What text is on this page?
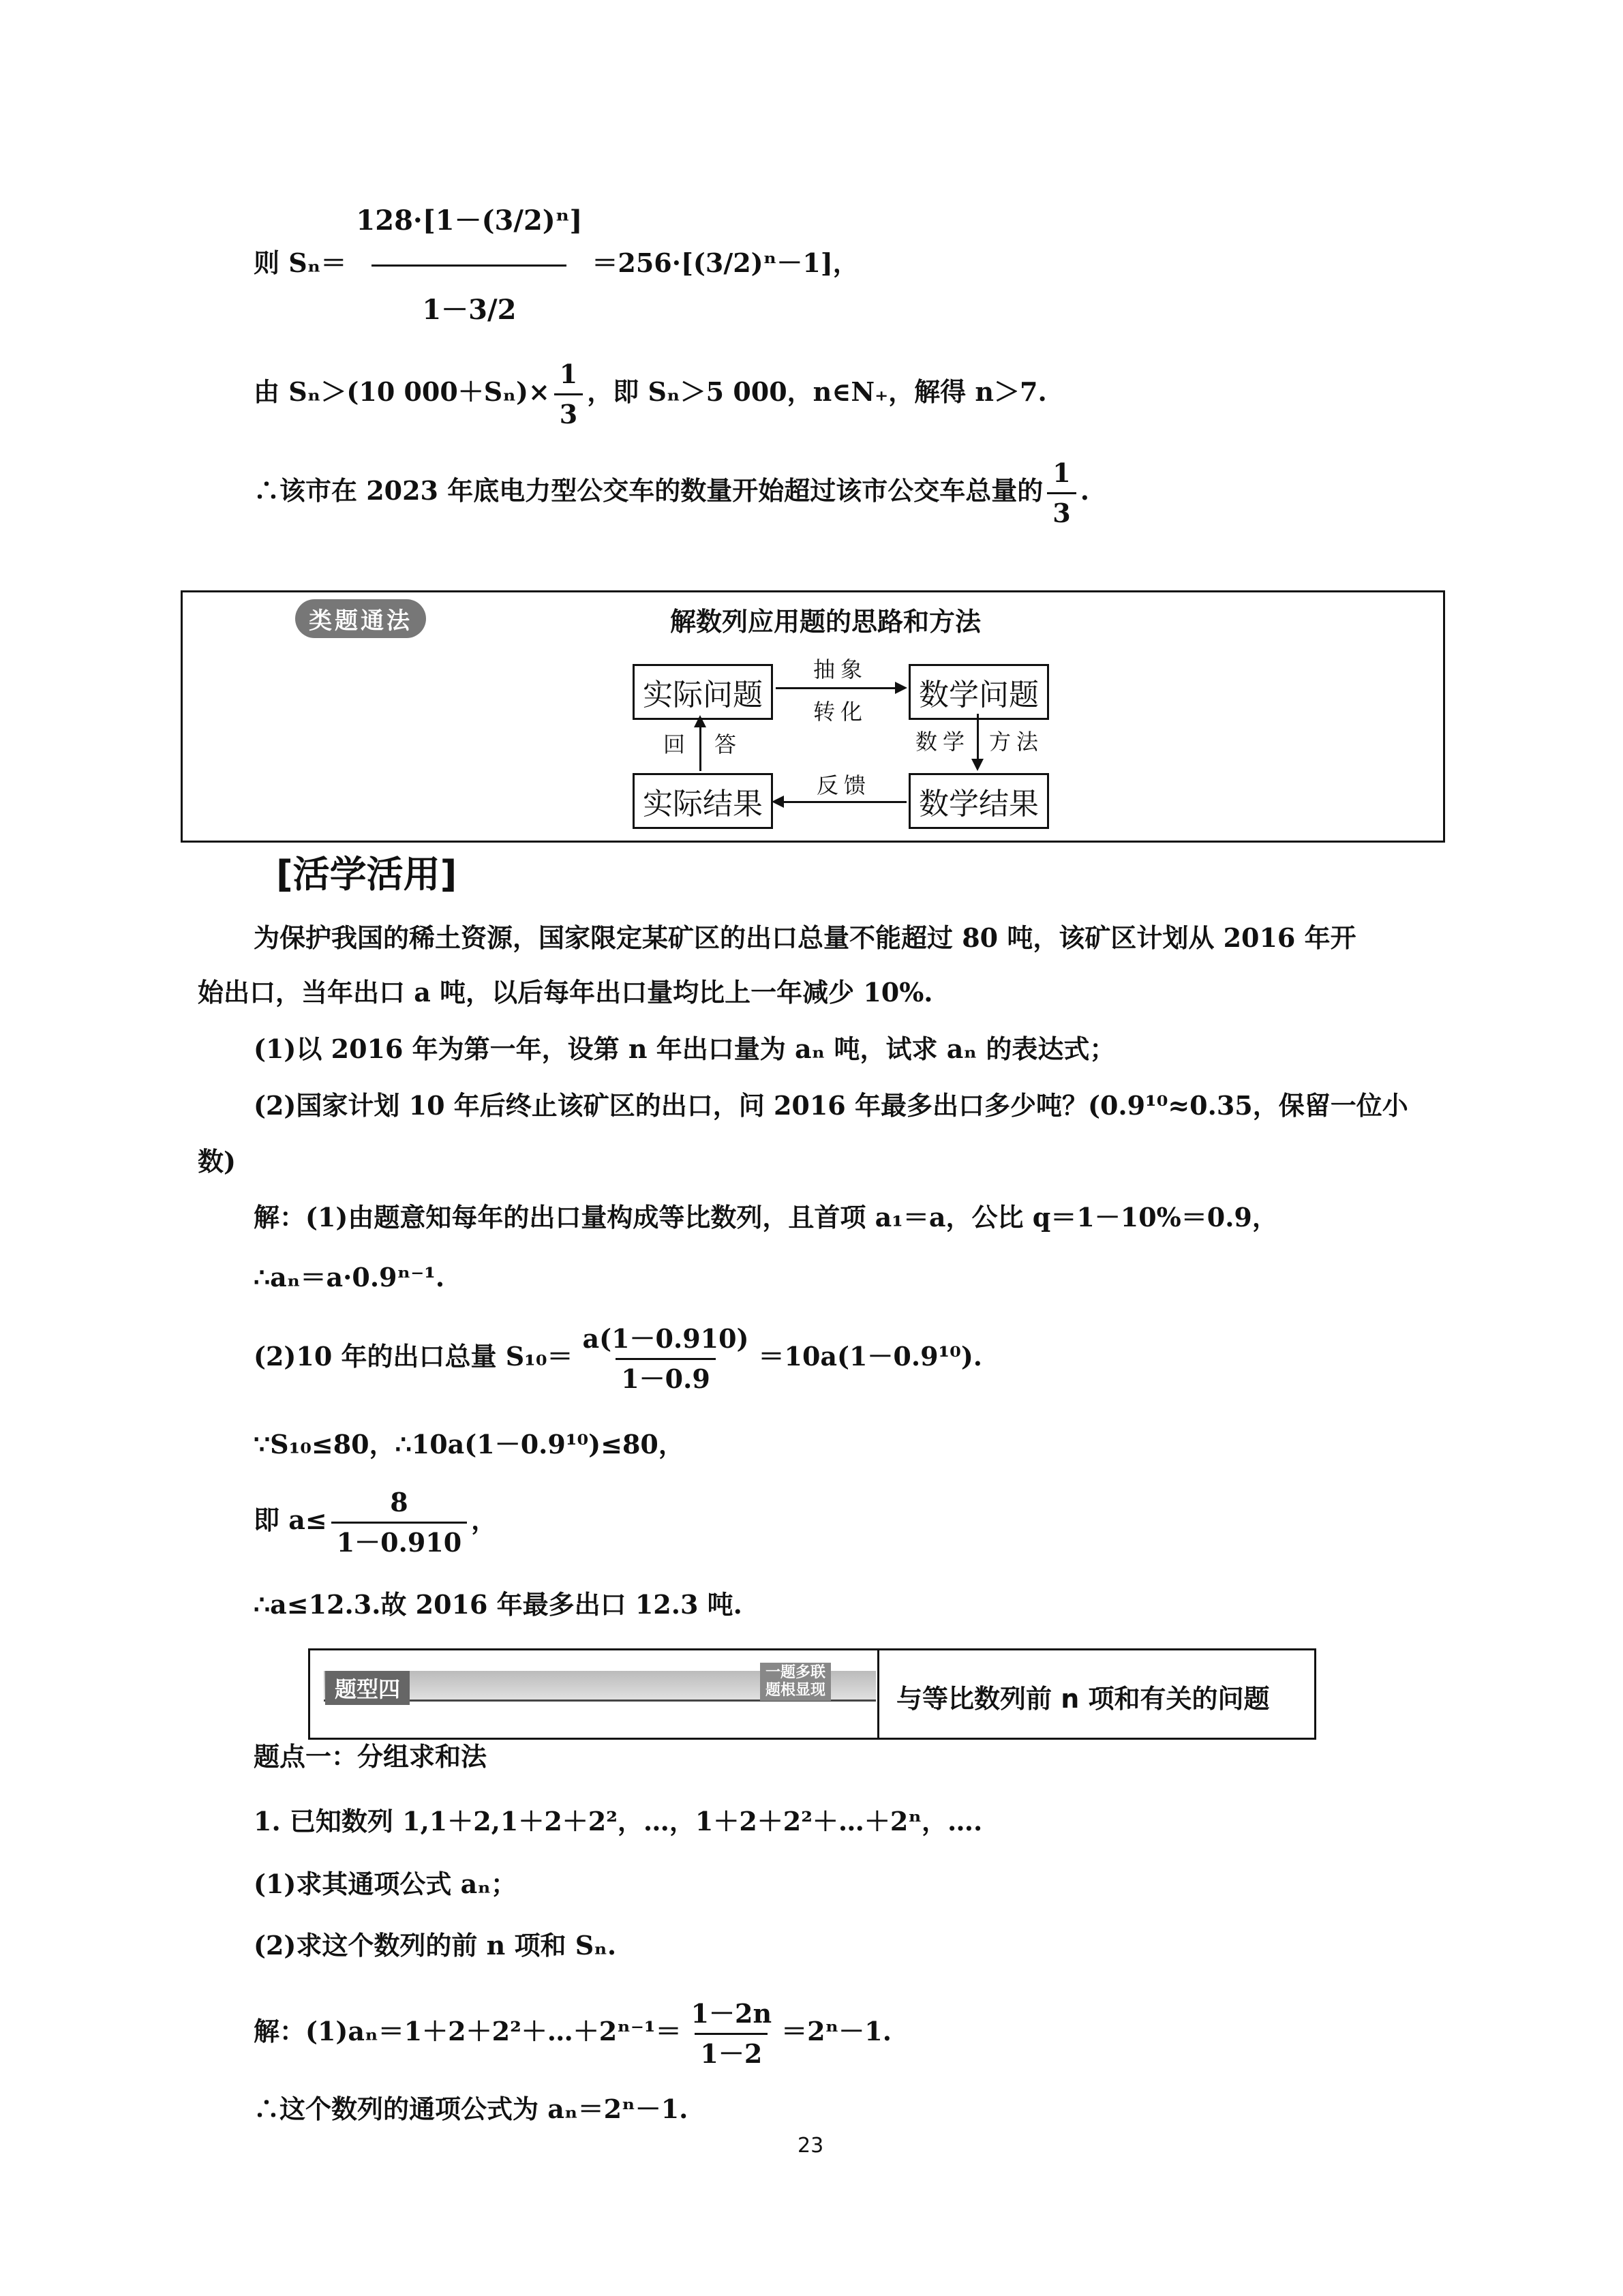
则 $S_n= \frac{\text{128·[1－(3/2)ⁿ]}}{1-3/2} =256\cdot[(3/2)^n-1]$，
由 Sₙ＞(10 $000+S_n)\times \frac{1}{3}$ ，即 Sₙ＞5 000，n∈N₊，解得 n＞7.
∴该市在 2023 年底电力型公交车的数量开始超过该市公交车总量的 $\frac{1}{3}$ .
类题通法	解数列应用题的思路和方法
实际问题	数学问题
实际结果	数学结果
抽象
转化
数学 方法
回 答
反馈
[活学活用]
为保护我国的稀土资源，国家限定某矿区的出口总量不能超过 80 吨，该矿区计划从 2016 年开
始出口，当年出口 a 吨，以后每年出口量均比上一年减少 10%.
(1)以 2016 年为第一年，设第 n 年出口量为 aₙ 吨，试求 aₙ 的表达式；
(2)国家计划 10 年后终止该矿区的出口，问 2016 年最多出口多少吨？(0.9¹⁰≈0.35，保留一位小
数)
解：(1)由题意知每年的出口量构成等比数列，且首项 a₁＝a，公比 q＝1－10%＝0.9，
∴aₙ＝a·0.9ⁿ⁻¹.
(2)10 年的出口总量 $S_{10}= \frac{a(1-0.910)}{1-0.9} =10a(1-0.9^{10})$.
∵S₁₀≤80，∴10a(1－0.9¹⁰)≤80，
即 $a\le \frac{8}{1-0.910}$ ，
∴a≤12.3.故 2016 年最多出口 12.3 吨.
题型四
一题多联
题根显现	与等比数列前 n 项和有关的问题
题点一：分组求和法
1. 已知数列 1,1＋2,1＋2＋2²，…，1＋2＋2²＋…＋2ⁿ，….
(1)求其通项公式 aₙ；
(2)求这个数列的前 n 项和 Sₙ.
解：(1)aₙ＝1＋2＋2²＋…＋2ⁿ⁻¹＝ $\frac{1-2n}{1-2} =2^n-1$.
∴这个数列的通项公式为 aₙ＝2ⁿ－1.
23
